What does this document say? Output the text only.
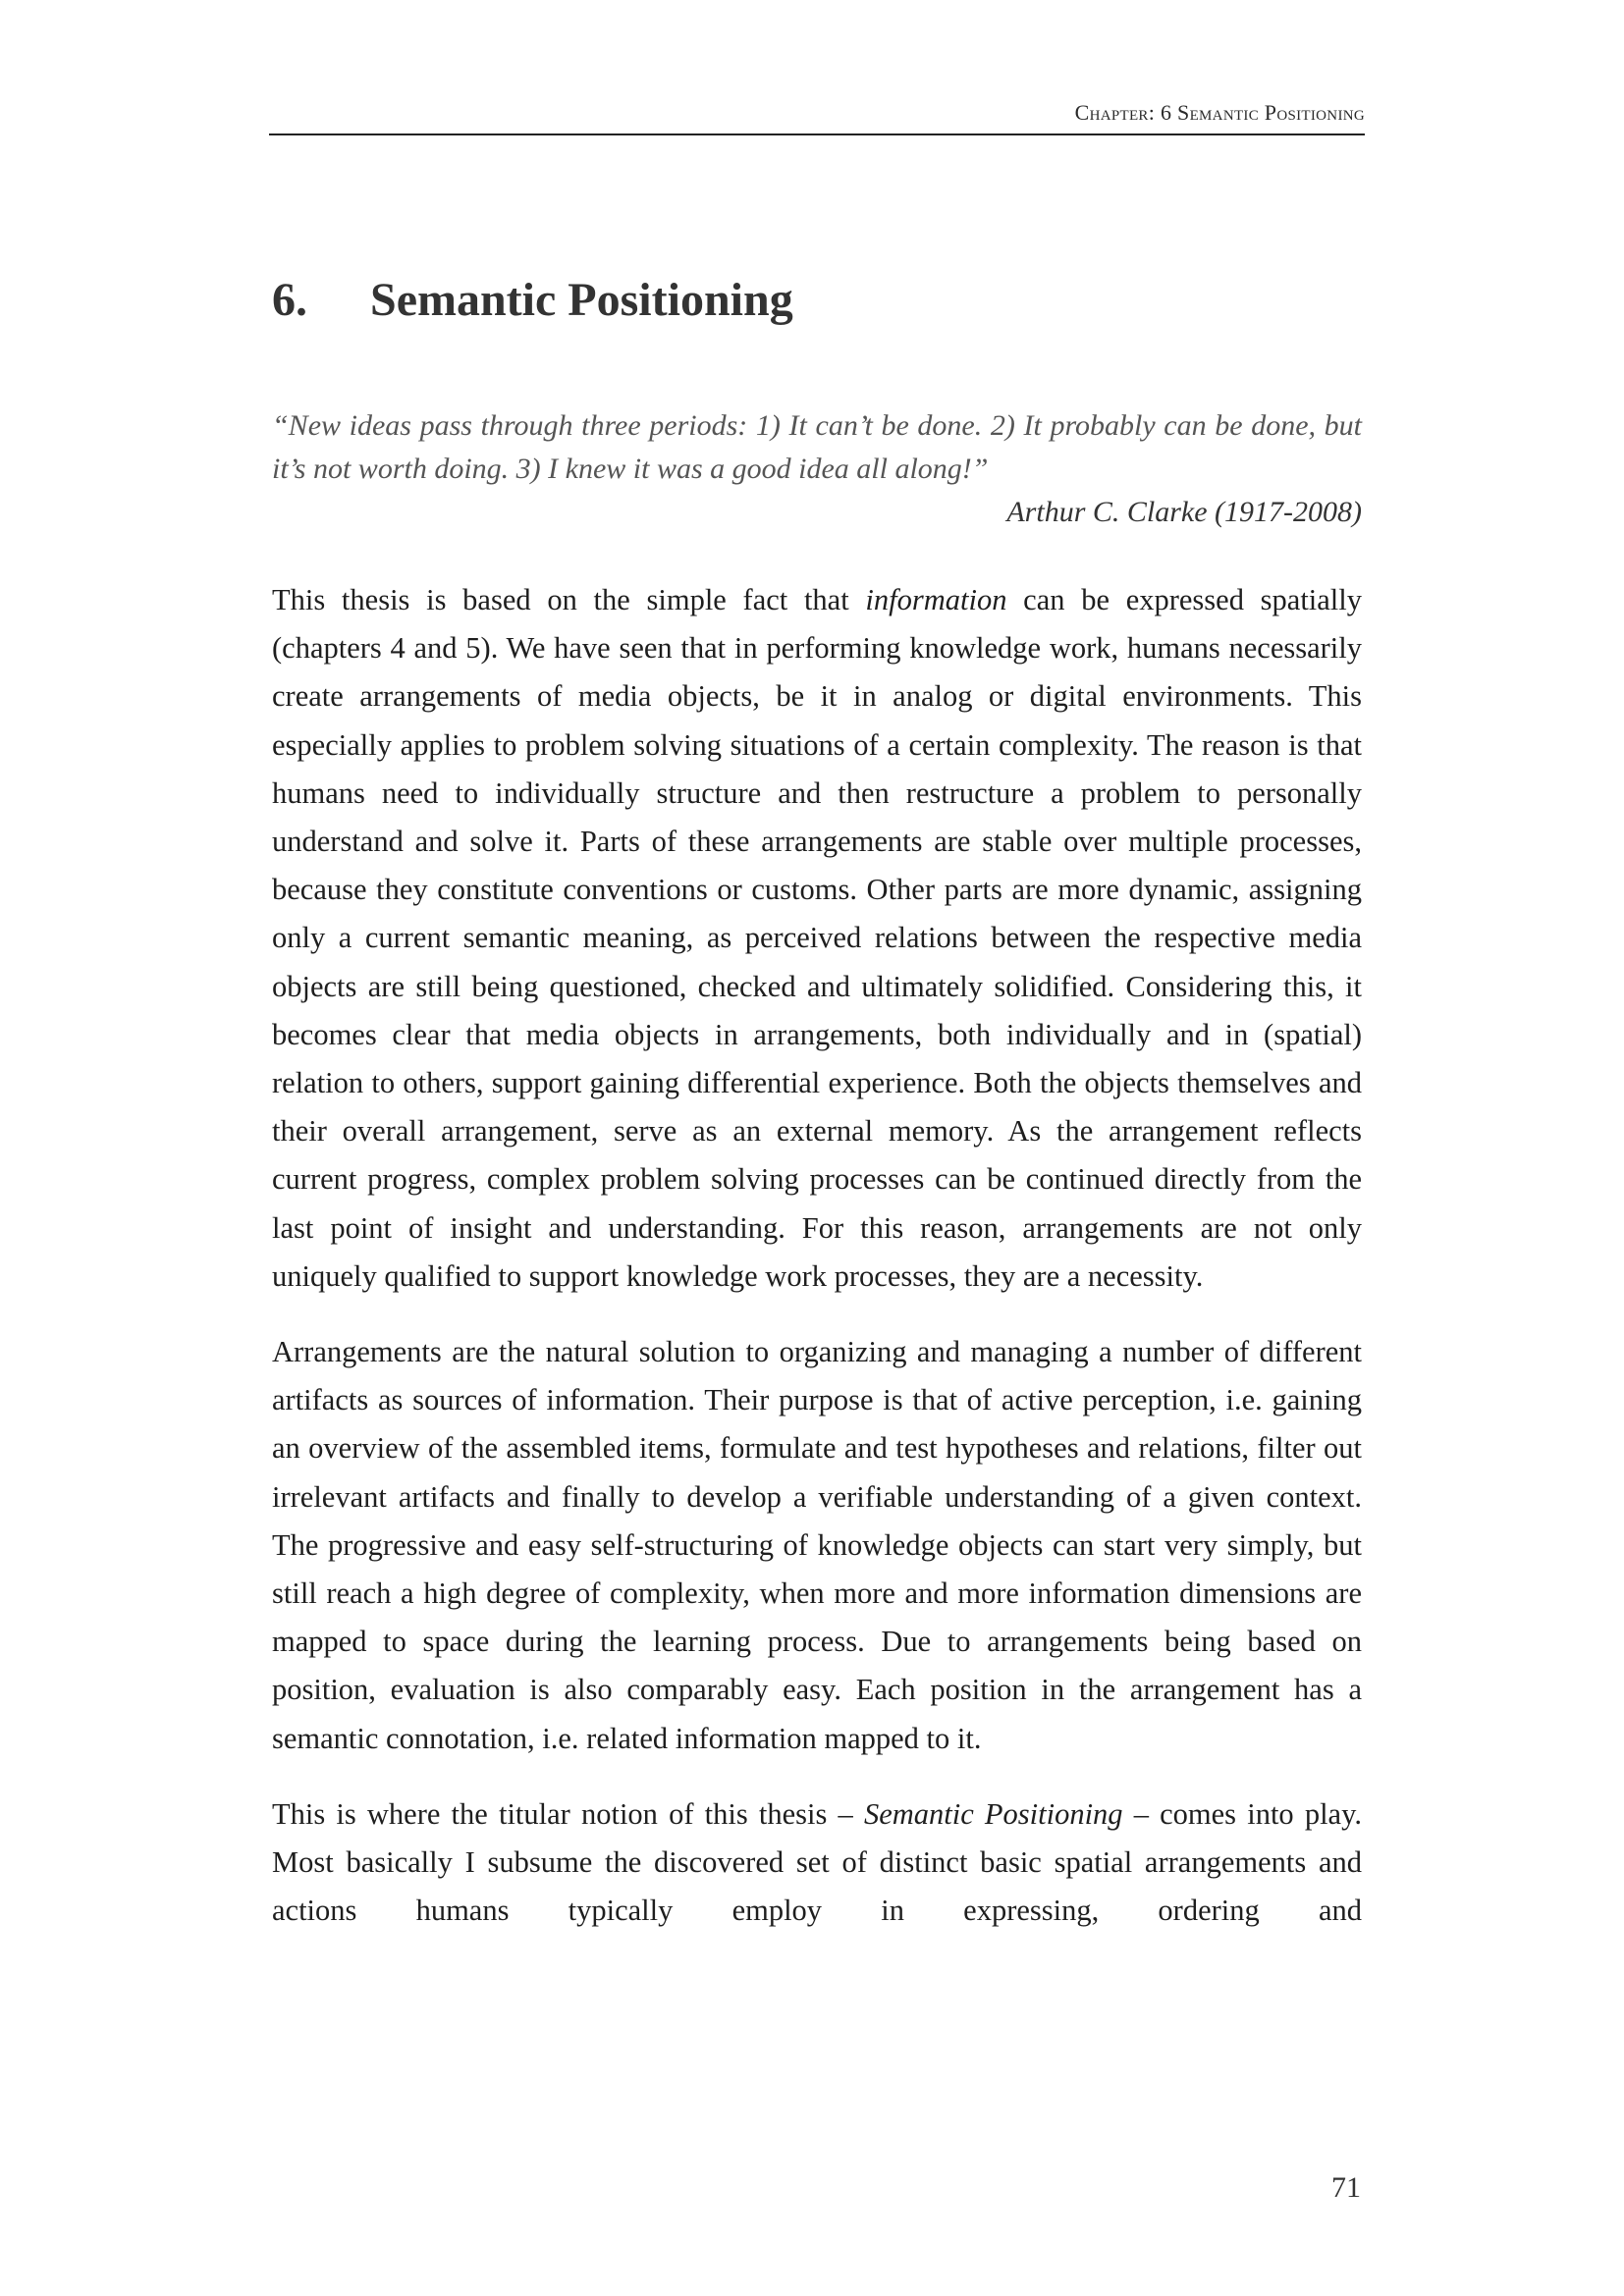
Chapter: 6 Semantic Positioning
6. Semantic Positioning

“New ideas pass through three periods: 1) It can’t be done. 2) It probably can be done, but it’s not worth doing. 3) I knew it was a good idea all along!”

Arthur C. Clarke (1917-2008)

This thesis is based on the simple fact that information can be expressed spatially (chapters 4 and 5). We have seen that in performing knowledge work, humans necessarily create arrangements of media objects, be it in analog or digital environments. This especially applies to problem solving situations of a certain complexity. The reason is that humans need to individually structure and then restructure a problem to personally understand and solve it. Parts of these arrangements are stable over multiple processes, because they constitute conventions or customs. Other parts are more dynamic, assigning only a current semantic meaning, as perceived relations between the respective media objects are still being questioned, checked and ultimately solidified. Considering this, it becomes clear that media objects in arrangements, both individually and in (spatial) relation to others, support gaining differential experience. Both the objects themselves and their overall arrangement, serve as an external memory. As the arrangement reflects current progress, complex problem solving processes can be continued directly from the last point of insight and understanding. For this reason, arrangements are not only uniquely qualified to support knowledge work processes, they are a necessity.

Arrangements are the natural solution to organizing and managing a number of different artifacts as sources of information. Their purpose is that of active perception, i.e. gaining an overview of the assembled items, formulate and test hypotheses and relations, filter out irrelevant artifacts and finally to develop a verifiable understanding of a given context. The progressive and easy self-structuring of knowledge objects can start very simply, but still reach a high degree of complexity, when more and more information dimensions are mapped to space during the learning process. Due to arrangements being based on position, evaluation is also comparably easy. Each position in the arrangement has a semantic connotation, i.e. related information mapped to it.

This is where the titular notion of this thesis – Semantic Positioning – comes into play. Most basically I subsume the discovered set of distinct basic spatial arrangements and actions humans typically employ in expressing, ordering and

71
